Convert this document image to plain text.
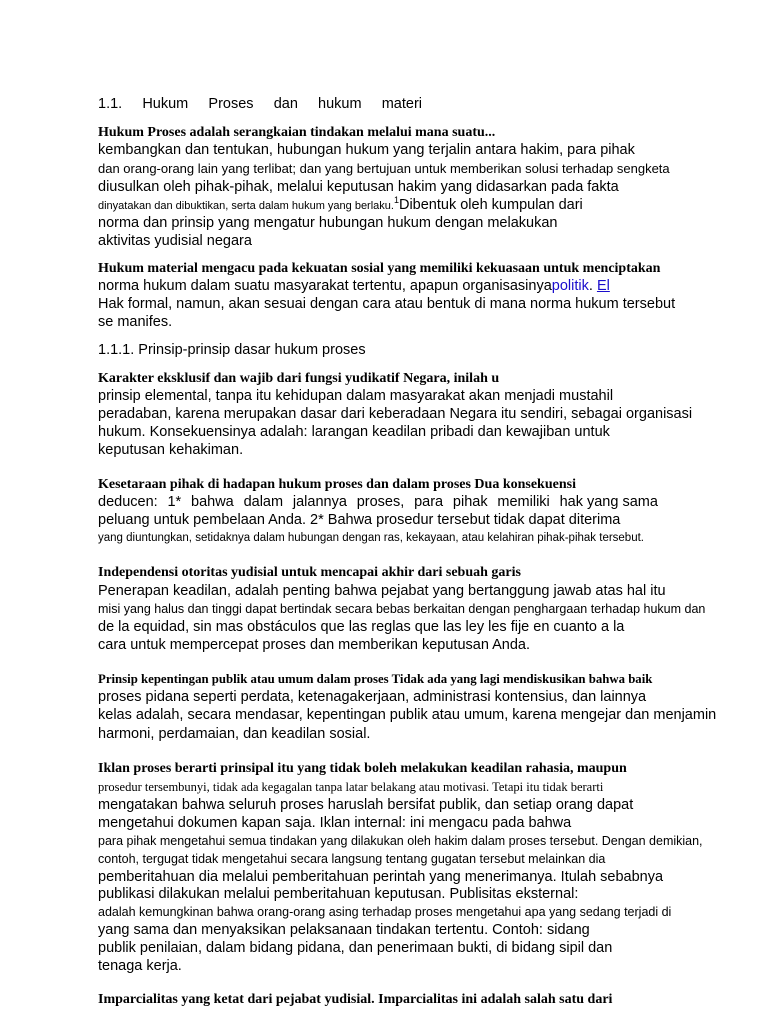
1.1. Hukum Proses dan hukum materi
Hukum Proses adalah serangkaian tindakan melalui mana suatu...
kembangkan dan tentukan, hubungan hukum yang terjalin antara hakim, para pihak
dan orang-orang lain yang terlibat; dan yang bertujuan untuk memberikan solusi terhadap sengketa
diusulkan oleh pihak-pihak, melalui keputusan hakim yang didasarkan pada fakta
dinyatakan dan dibuktikan, serta dalam hukum yang berlaku.$^1$Dibentuk oleh kumpulan dari
norma dan prinsip yang mengatur hubungan hukum dengan melakukan
aktivitas yudisial negara
Hukum material mengacu pada kekuatan sosial yang memiliki kekuasaan untuk menciptakan
norma hukum dalam suatu masyarakat tertentu, apapun organisasinyapolitik. El
Hak formal, namun, akan sesuai dengan cara atau bentuk di mana norma hukum tersebut
se manifes.
1.1.1. Prinsip-prinsip dasar hukum proses
Karakter eksklusif dan wajib dari fungsi yudikatif Negara, inilah u
prinsip elemental, tanpa itu kehidupan dalam masyarakat akan menjadi mustahil
peradaban, karena merupakan dasar dari keberadaan Negara itu sendiri, sebagai organisasi
hukum. Konsekuensinya adalah: larangan keadilan pribadi dan kewajiban untuk
keputusan kehakiman.
Kesetaraan pihak di hadapan hukum proses dan dalam proses Dua konsekuensi
deducen: 1* bahwa dalam jalannya proses, para pihak memiliki hak yang sama
peluang untuk pembelaan Anda. 2* Bahwa prosedur tersebut tidak dapat diterima
yang diuntungkan, setidaknya dalam hubungan dengan ras, kekayaan, atau kelahiran pihak-pihak tersebut.
Independensi otoritas yudisial untuk mencapai akhir dari sebuah garis
Penerapan keadilan, adalah penting bahwa pejabat yang bertanggung jawab atas hal itu
misi yang halus dan tinggi dapat bertindak secara bebas berkaitan dengan penghargaan terhadap hukum dan
de la equidad, sin mas obstáculos que las reglas que las ley les fije en cuanto a la
cara untuk mempercepat proses dan memberikan keputusan Anda.
Prinsip kepentingan publik atau umum dalam proses Tidak ada yang lagi mendiskusikan bahwa baik
proses pidana seperti perdata, ketenagakerjaan, administrasi kontensius, dan lainnya
kelas adalah, secara mendasar, kepentingan publik atau umum, karena mengejar dan menjamin
harmoni, perdamaian, dan keadilan sosial.
Iklan proses berarti prinsipal itu yang tidak boleh melakukan keadilan rahasia, maupun
prosedur tersembunyi, tidak ada kegagalan tanpa latar belakang atau motivasi. Tetapi itu tidak berarti
mengatakan bahwa seluruh proses haruslah bersifat publik, dan setiap orang dapat
mengetahui dokumen kapan saja. Iklan internal: ini mengacu pada bahwa
para pihak mengetahui semua tindakan yang dilakukan oleh hakim dalam proses tersebut. Dengan demikian,
contoh, tergugat tidak mengetahui secara langsung tentang gugatan tersebut melainkan dia
pemberitahuan dia melalui pemberitahuan perintah yang menerimanya. Itulah sebabnya
publikasi dilakukan melalui pemberitahuan keputusan. Publisitas eksternal:
adalah kemungkinan bahwa orang-orang asing terhadap proses mengetahui apa yang sedang terjadi di
yang sama dan menyaksikan pelaksanaan tindakan tertentu. Contoh: sidang
publik penilaian, dalam bidang pidana, dan penerimaan bukti, di bidang sipil dan
tenaga kerja.
Imparcialitas yang ketat dari pejabat yudisial. Imparcialitas ini adalah salah satu dari
